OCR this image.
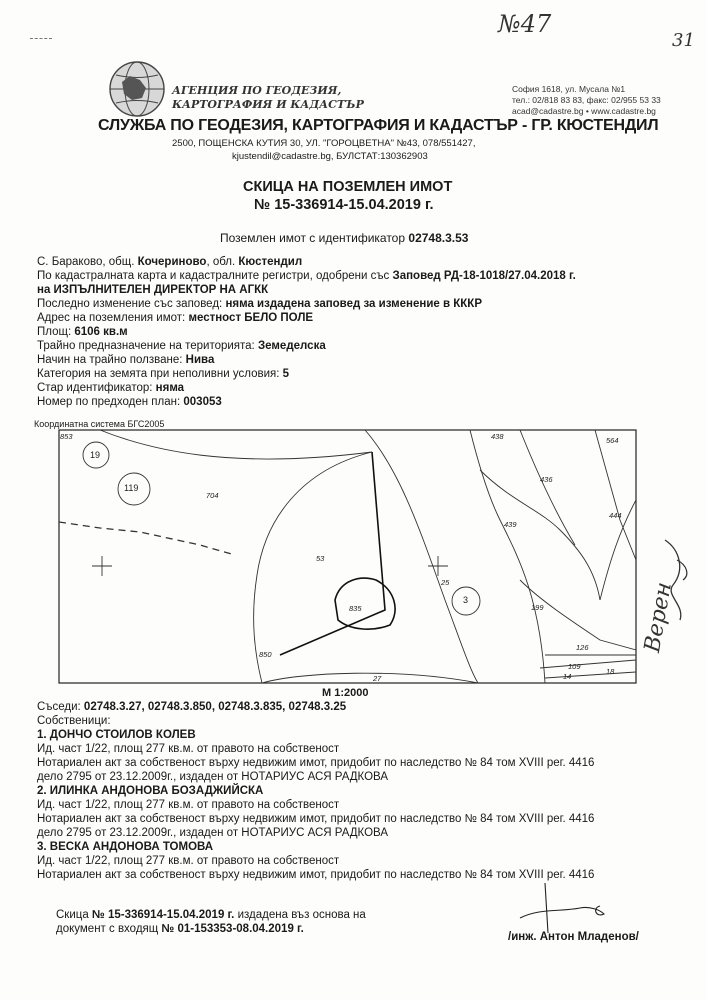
№47
31
АГЕНЦИЯ ПО ГЕОДЕЗИЯ,
КАРТОГРАФИЯ И КАДАСТЪР
София 1618, ул. Мусала №1
тел.: 02/818 83 83, факс: 02/955 53 33
acad@cadastre.bg • www.cadastre.bg
СЛУЖБА ПО ГЕОДЕЗИЯ, КАРТОГРАФИЯ И КАДАСТЪР - ГР. КЮСТЕНДИЛ
2500, ПОЩЕНСКА КУТИЯ 30, УЛ. "ГОРОЦВЕТНА" №43, 078/551427,
kjustendil@cadastre.bg, БУЛСТАТ:130362903
СКИЦА НА ПОЗЕМЛЕН ИМОТ
№ 15-336914-15.04.2019 г.
Поземлен имот с идентификатор 02748.3.53
С. Бараково, общ. Кочериново, обл. Кюстендил
По кадастралната карта и кадастралните регистри, одобрени със Заповед РД-18-1018/27.04.2018 г.
на ИЗПЪЛНИТЕЛЕН ДИРЕКТОР НА АГКК
Последно изменение със заповед: няма издадена заповед за изменение в КККР
Адрес на поземления имот: местност БЕЛО ПОЛЕ
Площ: 6106 кв.м
Трайно предназначение на територията: Земеделска
Начин на трайно ползване: Нива
Категория на земята при неполивни условия: 5
Стар идентификатор: няма
Номер по предходен план: 003053
Координатна система БГС2005
853
19
119
704
438	564
436
439
444
53
835
25
3
199
126
850
27
109
14
18
М 1:2000
Съседи: 02748.3.27, 02748.3.850, 02748.3.835, 02748.3.25
Собственици:
1. ДОНЧО СТОИЛОВ КОЛЕВ
Ид. част 1/22, площ 277 кв.м. от правото на собственост
Нотариален акт за собственост върху недвижим имот, придобит по наследство № 84 том XVIII рег. 4416
дело 2795 от 23.12.2009г., издаден от НОТАРИУС АСЯ РАДКОВА
2. ИЛИНКА АНДОНОВА БОЗАДЖИЙСКА
Ид. част 1/22, площ 277 кв.м. от правото на собственост
Нотариален акт за собственост върху недвижим имот, придобит по наследство № 84 том XVIII рег. 4416
дело 2795 от 23.12.2009г., издаден от НОТАРИУС АСЯ РАДКОВА
3. ВЕСКА АНДОНОВА ТОМОВА
Ид. част 1/22, площ 277 кв.м. от правото на собственост
Нотариален акт за собственост върху недвижим имот, придобит по наследство № 84 том XVIII рег. 4416
Скица № 15-336914-15.04.2019 г. издадена въз основа на
документ с входящ № 01-153353-08.04.2019 г.
/инж. Антон Младенов/
Верен
